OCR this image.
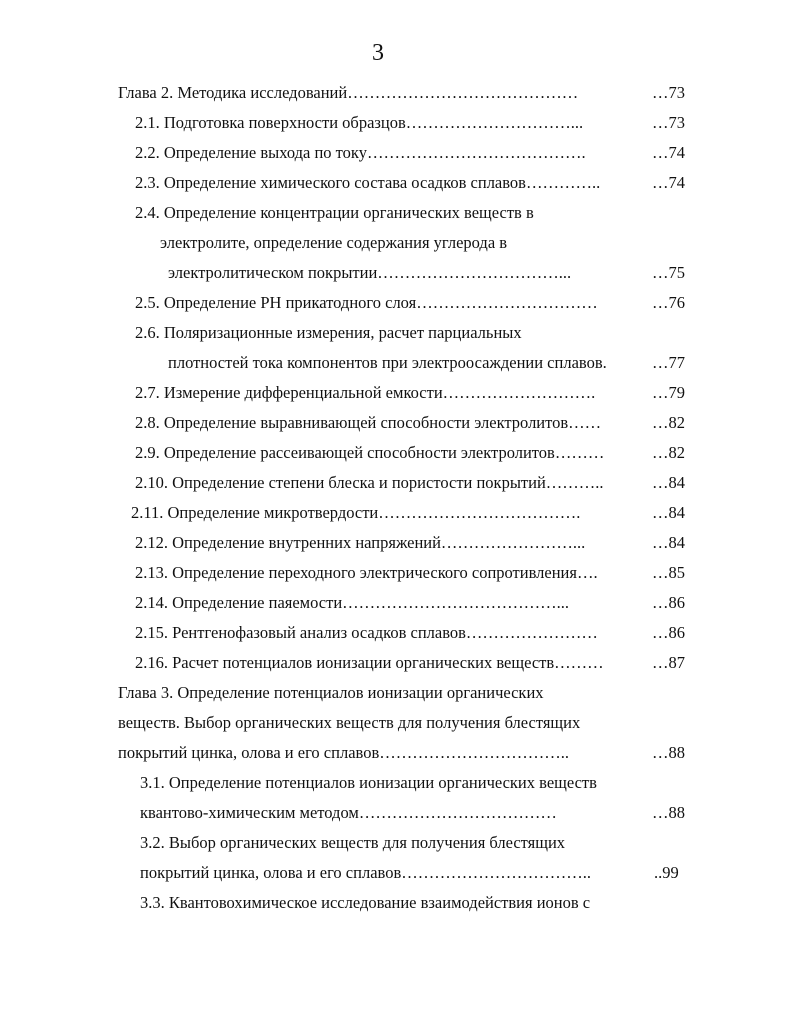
3
Глава 2. Методика исследований……………………………………	…73
2.1. Подготовка поверхности образцов…………………………...	…73
2.2. Определение выхода по току………………………………….	…74
2.3. Определение химического состава осадков сплавов…………..	…74
2.4. Определение концентрации органических веществ в
электролите, определение содержания углерода в
электролитическом покрытии……………………………...	…75
2.5. Определение PH прикатодного слоя……………………………	…76
2.6. Поляризационные измерения, расчет парциальных
плотностей тока компонентов при электроосаждении сплавов.	…77
2.7. Измерение дифференциальной емкости……………………….	…79
2.8. Определение выравнивающей способности электролитов……	…82
2.9. Определение рассеивающей способности электролитов………	…82
2.10. Определение степени блеска и пористости покрытий………..	…84
2.11. Определение микротвердости……………………………….	…84
2.12. Определение внутренних напряжений……………………...	…84
2.13. Определение переходного электрического сопротивления….	…85
2.14. Определение паяемости…………………………………...	…86
2.15. Рентгенофазовый анализ осадков сплавов……………………	…86
2.16. Расчет потенциалов ионизации органических веществ………	…87
Глава 3. Определение потенциалов ионизации органических
веществ. Выбор органических веществ для получения блестящих
покрытий цинка, олова и его сплавов……………………………..	…88
3.1. Определение потенциалов ионизации органических веществ
квантово-химическим методом………………………………	…88
3.2. Выбор органических веществ для получения блестящих
покрытий цинка, олова и его сплавов……………………………..	..99
3.3. Квантовохимическое исследование взаимодействия ионов с
